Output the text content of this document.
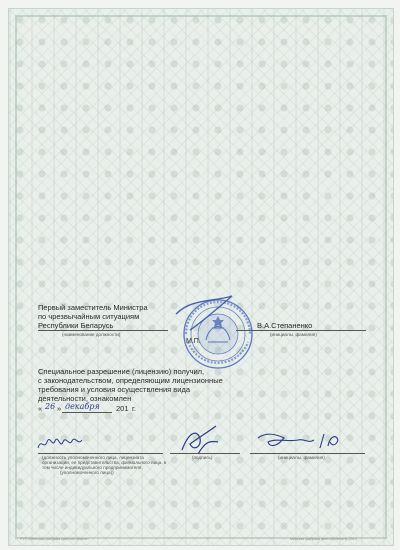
Первый заместитель Министра
по чрезвычайным ситуациям
Республики Беларусь
(наименование должности)
В.А.Степаненко
(инициалы, фамилия)
М.П.
Специальное разрешение (лицензию) получил,
с законодательством, определяющим лицензионные
требования и условия осуществления вида
деятельности, ознакомлен
« 26 » декабря 201 г.
(должность уполномоченного лица, лицензиата
организации, ее представительства, филиального лица, в
том числе индивидуального предпринимателя,
(уполномоченного лица))
(подпись)	(инициалы, фамилия)
РУП «Минская фабрика цветной печати»	Минская фабрика цветной печати, 2014
